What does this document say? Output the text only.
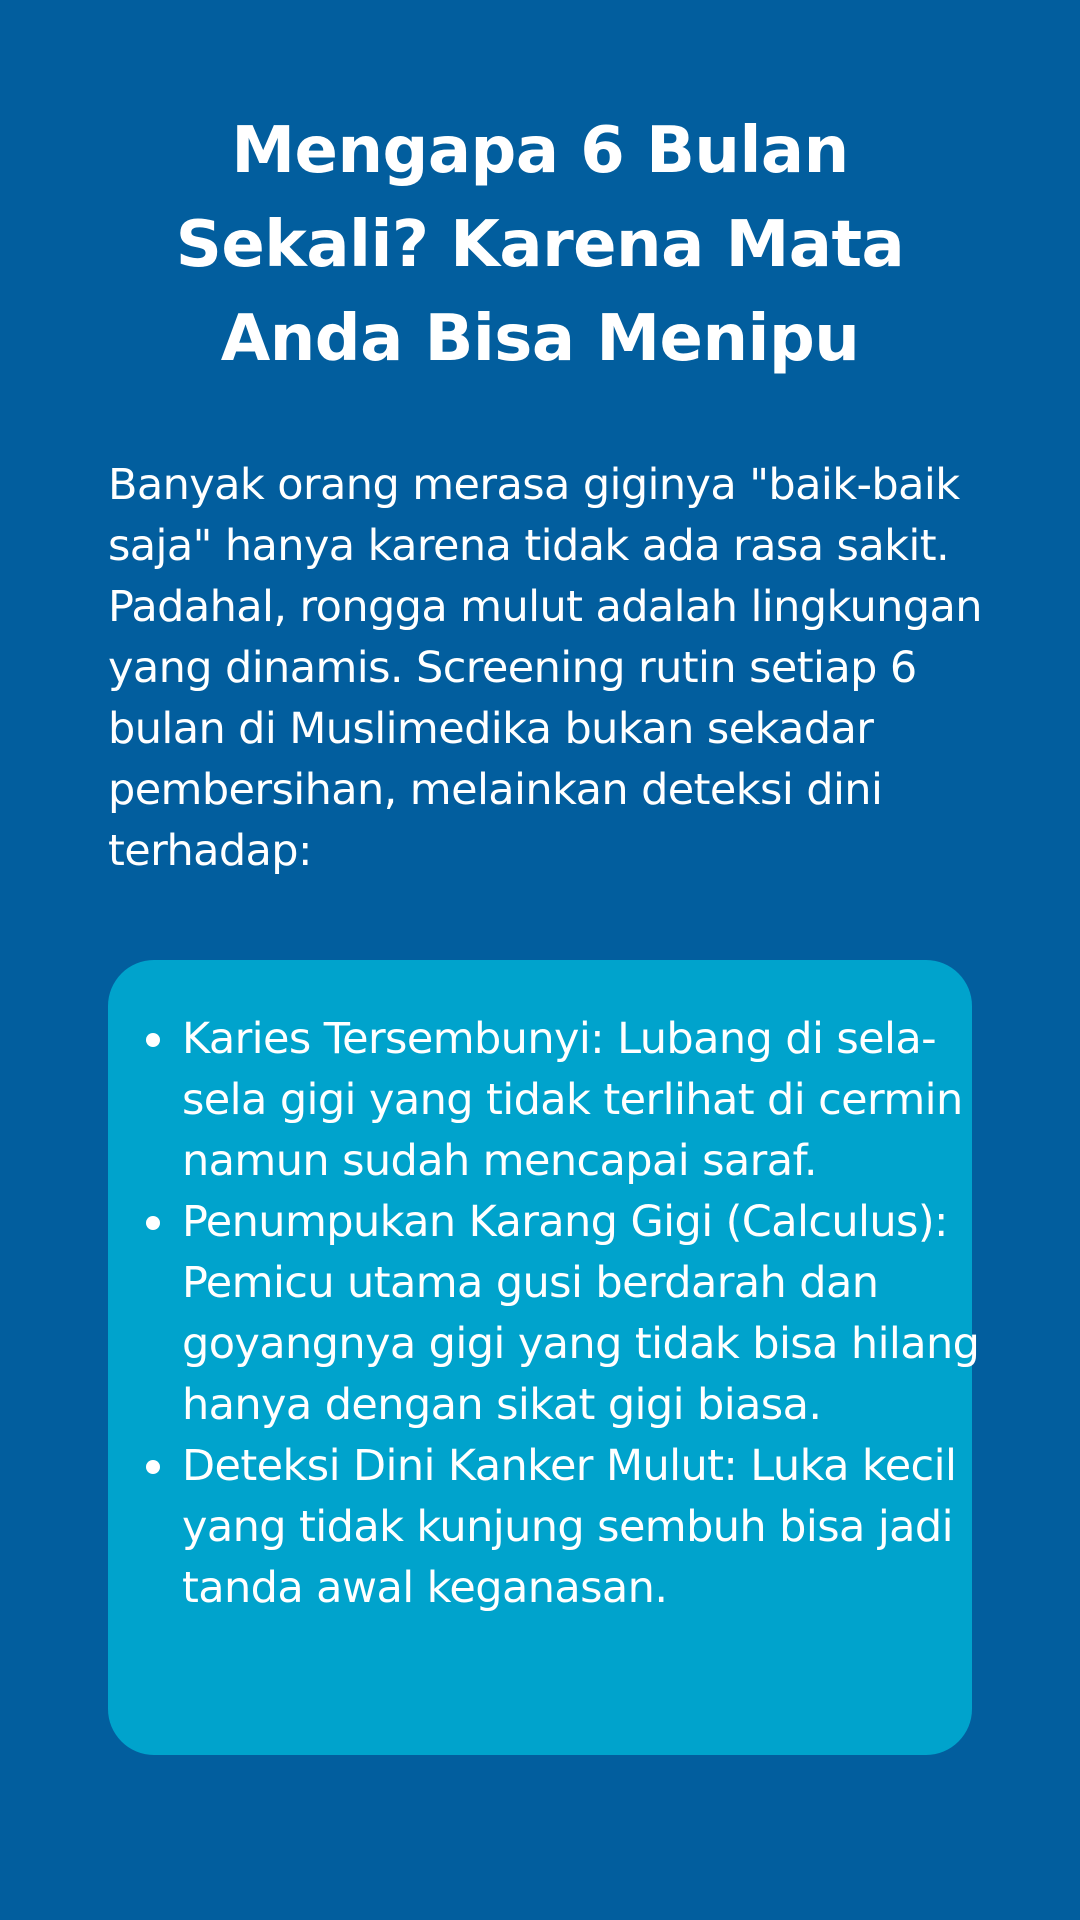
Mengapa 6 Bulan Sekali? Karena Mata Anda Bisa Menipu

Banyak orang merasa giginya "baik-baik saja" hanya karena tidak ada rasa sakit. Padahal, rongga mulut adalah lingkungan yang dinamis. Screening rutin setiap 6 bulan di Muslimedika bukan sekadar pembersihan, melainkan deteksi dini terhadap:

Karies Tersembunyi: Lubang di sela-sela gigi yang tidak terlihat di cermin namun sudah mencapai saraf.
Penumpukan Karang Gigi (Calculus): Pemicu utama gusi berdarah dan goyangnya gigi yang tidak bisa hilang hanya dengan sikat gigi biasa.
Deteksi Dini Kanker Mulut: Luka kecil yang tidak kunjung sembuh bisa jadi tanda awal keganasan.
